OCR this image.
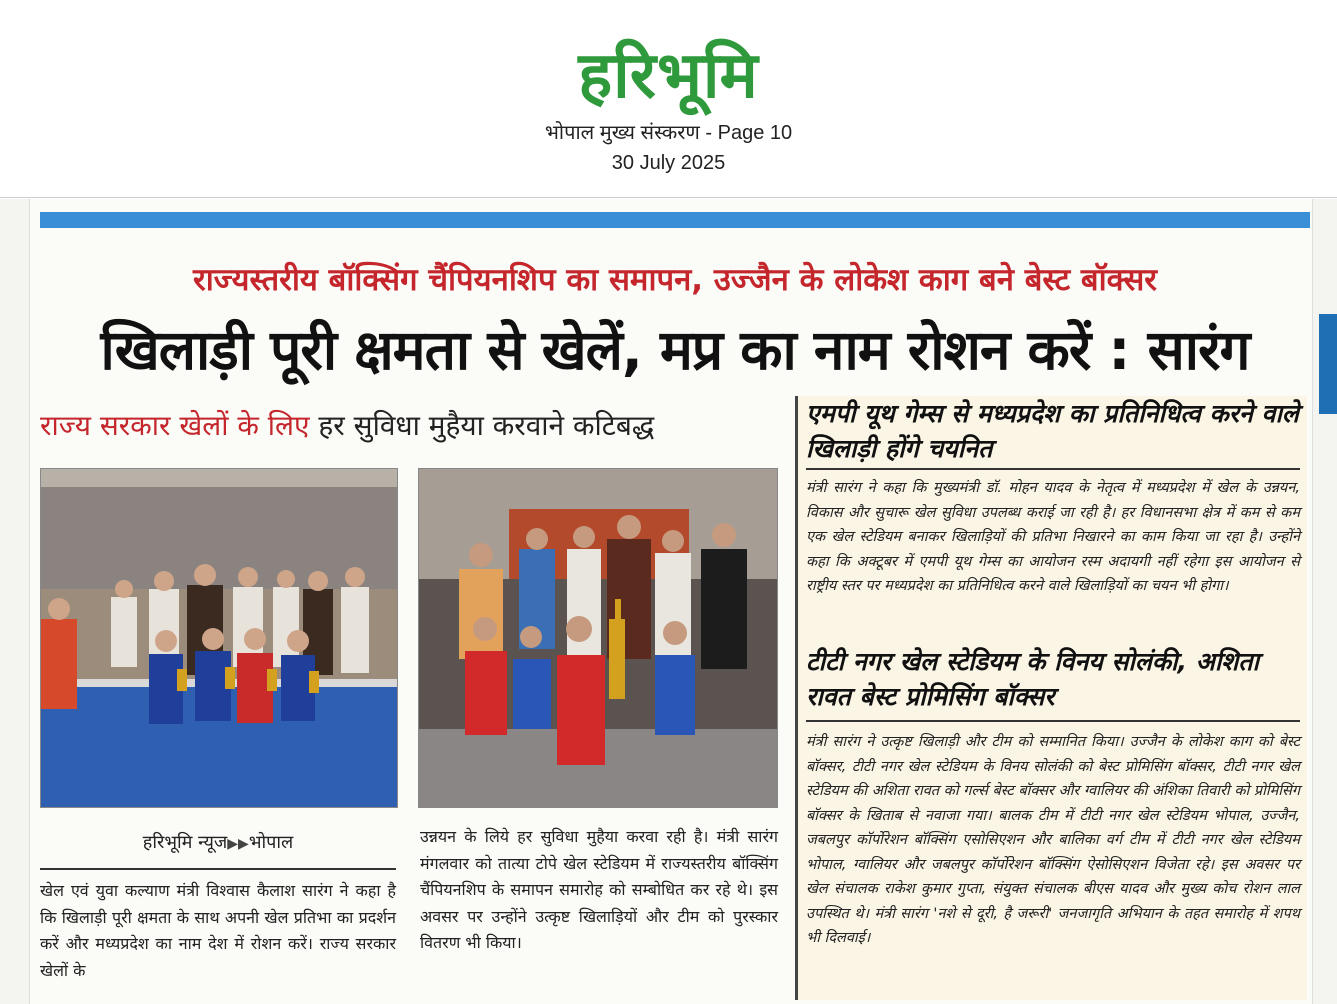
हरिभूमि
भोपाल मुख्य संस्करण - Page 10
30 July 2025
राज्यस्तरीय बॉक्सिंग चैंपियनशिप का समापन, उज्जैन के लोकेश काग बने बेस्ट बॉक्सर
खिलाड़ी पूरी क्षमता से खेलें, मप्र का नाम रोशन करें : सारंग
राज्य सरकार खेलों के लिए हर सुविधा मुहैया करवाने कटिबद्ध
हरिभूमि न्यूज▶▶भोपाल
खेल एवं युवा कल्याण मंत्री विश्वास कैलाश सारंग ने कहा है कि खिलाड़ी पूरी क्षमता के साथ अपनी खेल प्रतिभा का प्रदर्शन करें और मध्यप्रदेश का नाम देश में रोशन करें। राज्य सरकार खेलों के
उन्नयन के लिये हर सुविधा मुहैया करवा रही है। मंत्री सारंग मंगलवार को तात्या टोपे खेल स्टेडियम में राज्यस्तरीय बॉक्सिंग चैंपियनशिप के समापन समारोह को सम्बोधित कर रहे थे। इस अवसर पर उन्होंने उत्कृष्ट खिलाड़ियों और टीम को पुरस्कार वितरण भी किया।
एमपी यूथ गेम्स से मध्यप्रदेश का प्रतिनिधित्व करने वाले खिलाड़ी होंगे चयनित
मंत्री सारंग ने कहा कि मुख्यमंत्री डॉ. मोहन यादव के नेतृत्व में मध्यप्रदेश में खेल के उन्नयन, विकास और सुचारू खेल सुविधा उपलब्ध कराई जा रही है। हर विधानसभा क्षेत्र में कम से कम एक खेल स्टेडियम बनाकर खिलाड़ियों की प्रतिभा निखारने का काम किया जा रहा है। उन्होंने कहा कि अक्टूबर में एमपी यूथ गेम्स का आयोजन रस्म अदायगी नहीं रहेगा इस आयोजन से राष्ट्रीय स्तर पर मध्यप्रदेश का प्रतिनिधित्व करने वाले खिलाड़ियों का चयन भी होगा।
टीटी नगर खेल स्टेडियम के विनय सोलंकी, अशिता रावत बेस्ट प्रोमिसिंग बॉक्सर
मंत्री सारंग ने उत्कृष्ट खिलाड़ी और टीम को सम्मानित किया। उज्जैन के लोकेश काग को बेस्ट बॉक्सर, टीटी नगर खेल स्टेडियम के विनय सोलंकी को बेस्ट प्रोमिसिंग बॉक्सर, टीटी नगर खेल स्टेडियम की अशिता रावत को गर्ल्स बेस्ट बॉक्सर और ग्वालियर की अंशिका तिवारी को प्रोमिसिंग बॉक्सर के खिताब से नवाजा गया। बालक टीम में टीटी नगर खेल स्टेडियम भोपाल, उज्जैन, जबलपुर कॉर्पोरेशन बॉक्सिंग एसोसिएशन और बालिका वर्ग टीम में टीटी नगर खेल स्टेडियम भोपाल, ग्वालियर और जबलपुर कॉर्पोरेशन बॉक्सिंग ऐसोसिएशन विजेता रहे। इस अवसर पर खेल संचालक राकेश कुमार गुप्ता, संयुक्त संचालक बीएस यादव और मुख्य कोच रोशन लाल उपस्थित थे। मंत्री सारंग 'नशे से दूरी, है जरूरी' जनजागृति अभियान के तहत समारोह में शपथ भी दिलवाई।
